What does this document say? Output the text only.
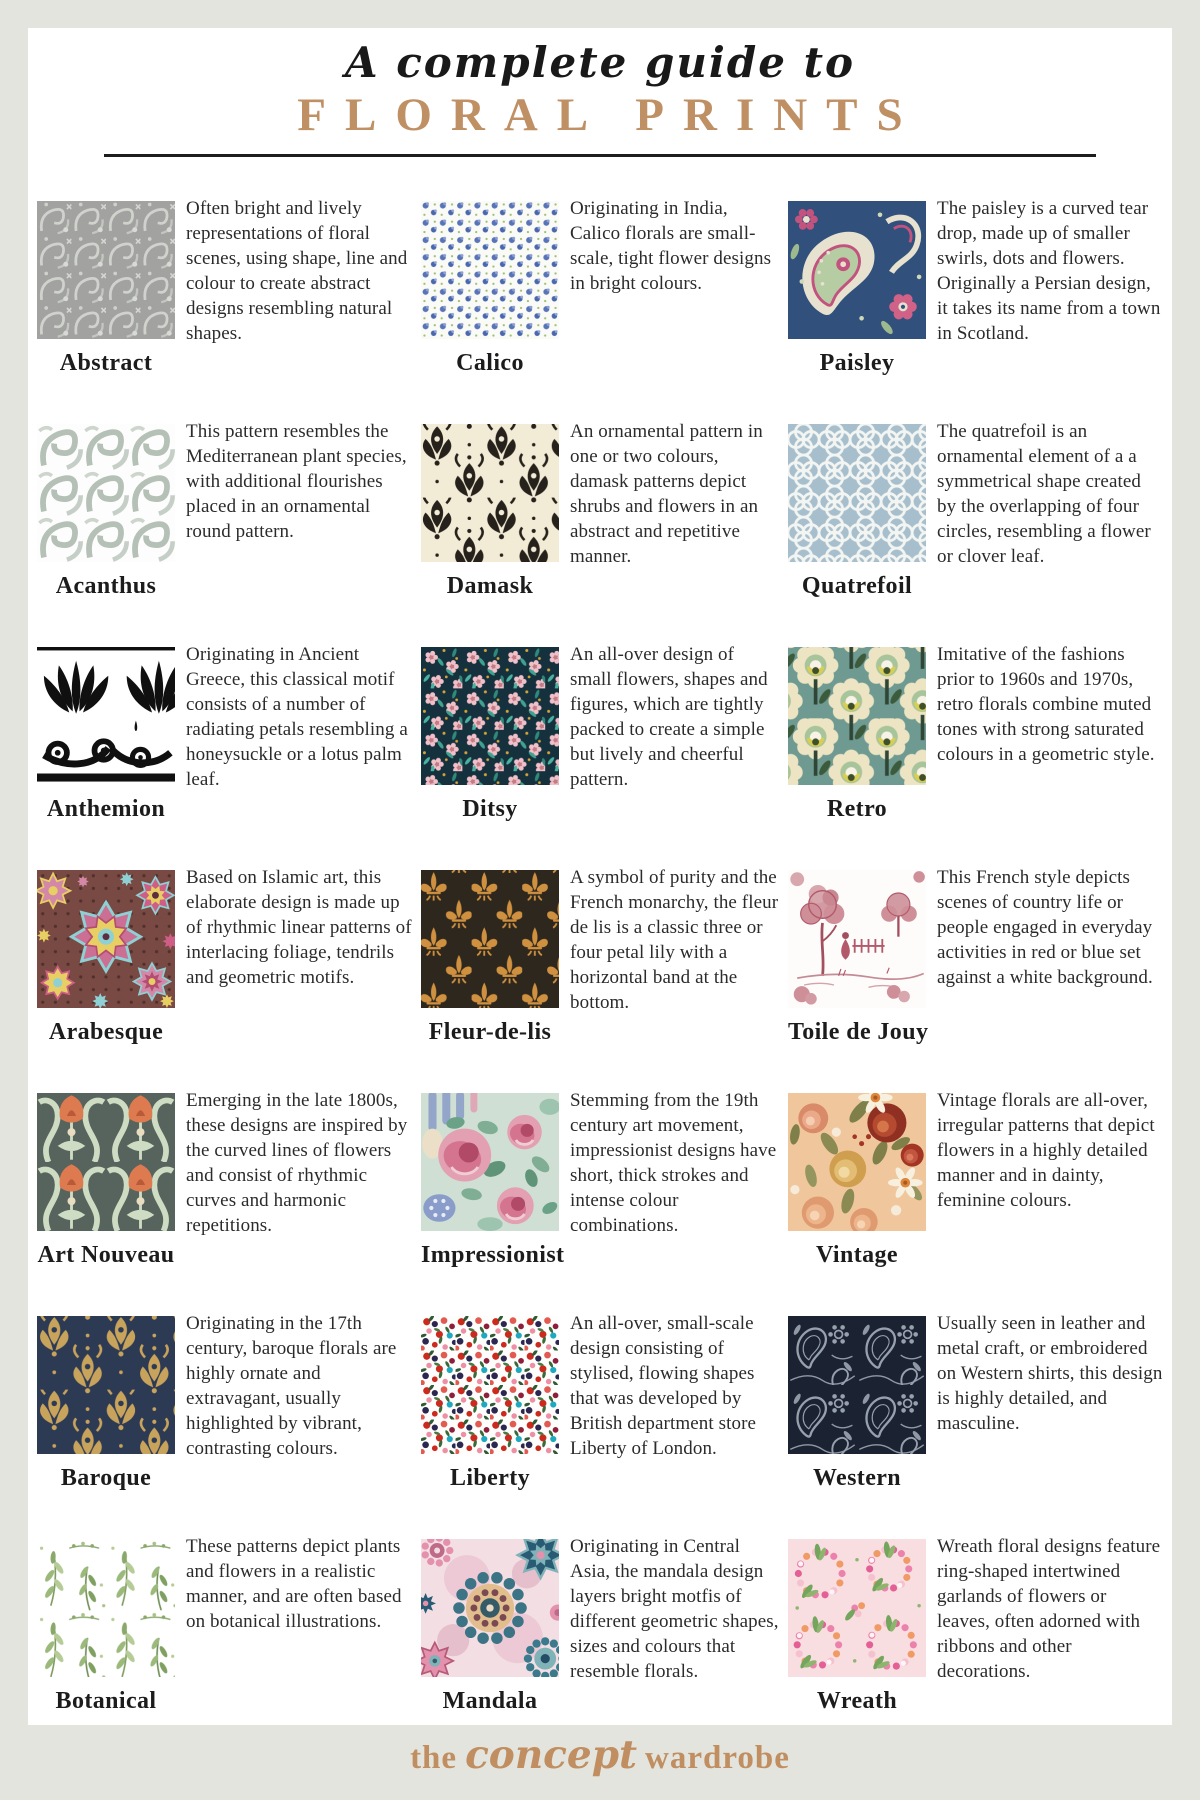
A complete guide to
FLORAL PRINTS
Abstract

Often bright and lively representations of floral scenes, using shape, line and colour to create abstract designs resembling natural shapes.

Calico

Originating in India, Calico florals are small-scale, tight flower designs in bright colours.

Paisley

The paisley is a curved tear drop, made up of smaller swirls, dots and flowers. Originally a Persian design, it takes its name from a town in Scotland.

Acanthus

This pattern resembles the Mediterranean plant species, with additional flourishes placed in an ornamental round pattern.

Damask

An ornamental pattern in one or two colours, damask patterns depict shrubs and flowers in an abstract and repetitive manner.

Quatrefoil

The quatrefoil is an ornamental element of a a symmetrical shape created by the overlapping of four circles, resembling a flower or clover leaf.

Anthemion

Originating in Ancient Greece, this classical motif consists of a number of radiating petals resembling a honeysuckle or a lotus palm leaf.

Ditsy

An all-over design of small flowers, shapes and figures, which are tightly packed to create a simple but lively and cheerful pattern.

Retro

Imitative of the fashions prior to 1960s and 1970s, retro florals combine muted tones with strong saturated colours in a geometric style.

Arabesque

Based on Islamic art, this elaborate design is made up of rhythmic linear patterns of interlacing foliage, tendrils and geometric motifs.

Fleur-de-lis

A symbol of purity and the French monarchy, the fleur de lis is a classic three or four petal lily with a horizontal band at the bottom.

Toile de Jouy

This French style depicts scenes of country life or people engaged in everyday activities in red or blue set against a white background.

Art Nouveau

Emerging in the late 1800s, these designs are inspired by the curved lines of flowers and consist of rhythmic curves and harmonic repetitions.

Impressionist

Stemming from the 19th century art movement, impressionist designs have short, thick strokes and intense colour combinations.

Vintage

Vintage florals are all-over, irregular patterns that depict flowers in a highly detailed manner and in dainty, feminine colours.

Baroque

Originating in the 17th century, baroque florals are highly ornate and extravagant, usually highlighted by vibrant, contrasting colours.

Liberty

An all-over, small-scale design consisting of stylised, flowing shapes that was developed by British department store Liberty of London.

Western

Usually seen in leather and metal craft, or embroidered on Western shirts, this design is highly detailed, and masculine.

Botanical

These patterns depict plants and flowers in a realistic manner, and are often based on botanical illustrations.

Mandala

Originating in Central Asia, the mandala design layers bright motfis of different geometric shapes, sizes and colours that resemble florals.

Wreath

Wreath floral designs feature ring-shaped intertwined garlands of flowers or leaves, often adorned with ribbons and other decorations.

the concept wardrobe
